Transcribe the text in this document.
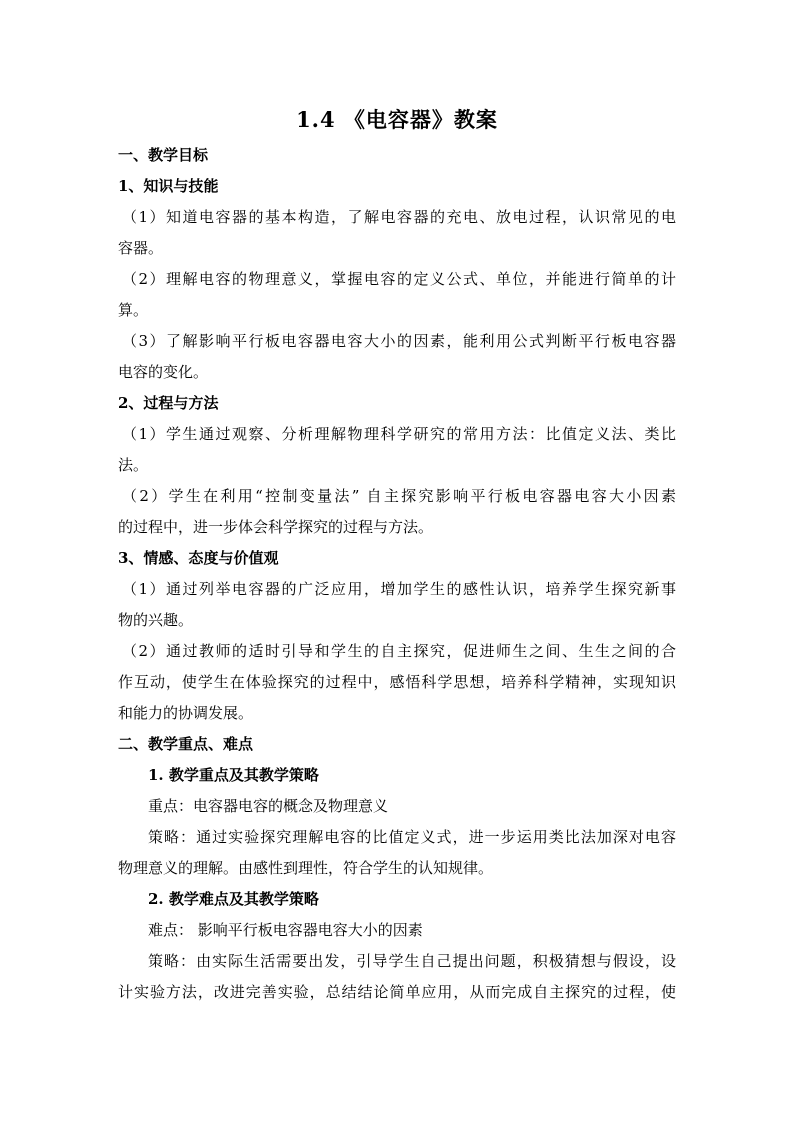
1.4 《电容器》教案
一、教学目标
1、知识与技能
（1）知道电容器的基本构造，了解电容器的充电、放电过程，认识常见的电
容器。
（2）理解电容的物理意义，掌握电容的定义公式、单位，并能进行简单的计
算。
（3）了解影响平行板电容器电容大小的因素，能利用公式判断平行板电容器
电容的变化。
2、过程与方法
（1）学生通过观察、分析理解物理科学研究的常用方法：比值定义法、类比
法。
（2）学生在利用“控制变量法” 自主探究影响平行板电容器电容大小因素
的过程中，进一步体会科学探究的过程与方法。
3、情感、态度与价值观
（1）通过列举电容器的广泛应用，增加学生的感性认识，培养学生探究新事
物的兴趣。
（2）通过教师的适时引导和学生的自主探究，促进师生之间、生生之间的合
作互动，使学生在体验探究的过程中，感悟科学思想，培养科学精神，实现知识
和能力的协调发展。
二、教学重点、难点
1. 教学重点及其教学策略
重点：电容器电容的概念及物理意义
策略：通过实验探究理解电容的比值定义式，进一步运用类比法加深对电容
物理意义的理解。由感性到理性，符合学生的认知规律。
2. 教学难点及其教学策略
难点： 影响平行板电容器电容大小的因素
策略：由实际生活需要出发，引导学生自己提出问题，积极猜想与假设，设
计实验方法，改进完善实验，总结结论简单应用，从而完成自主探究的过程，使
